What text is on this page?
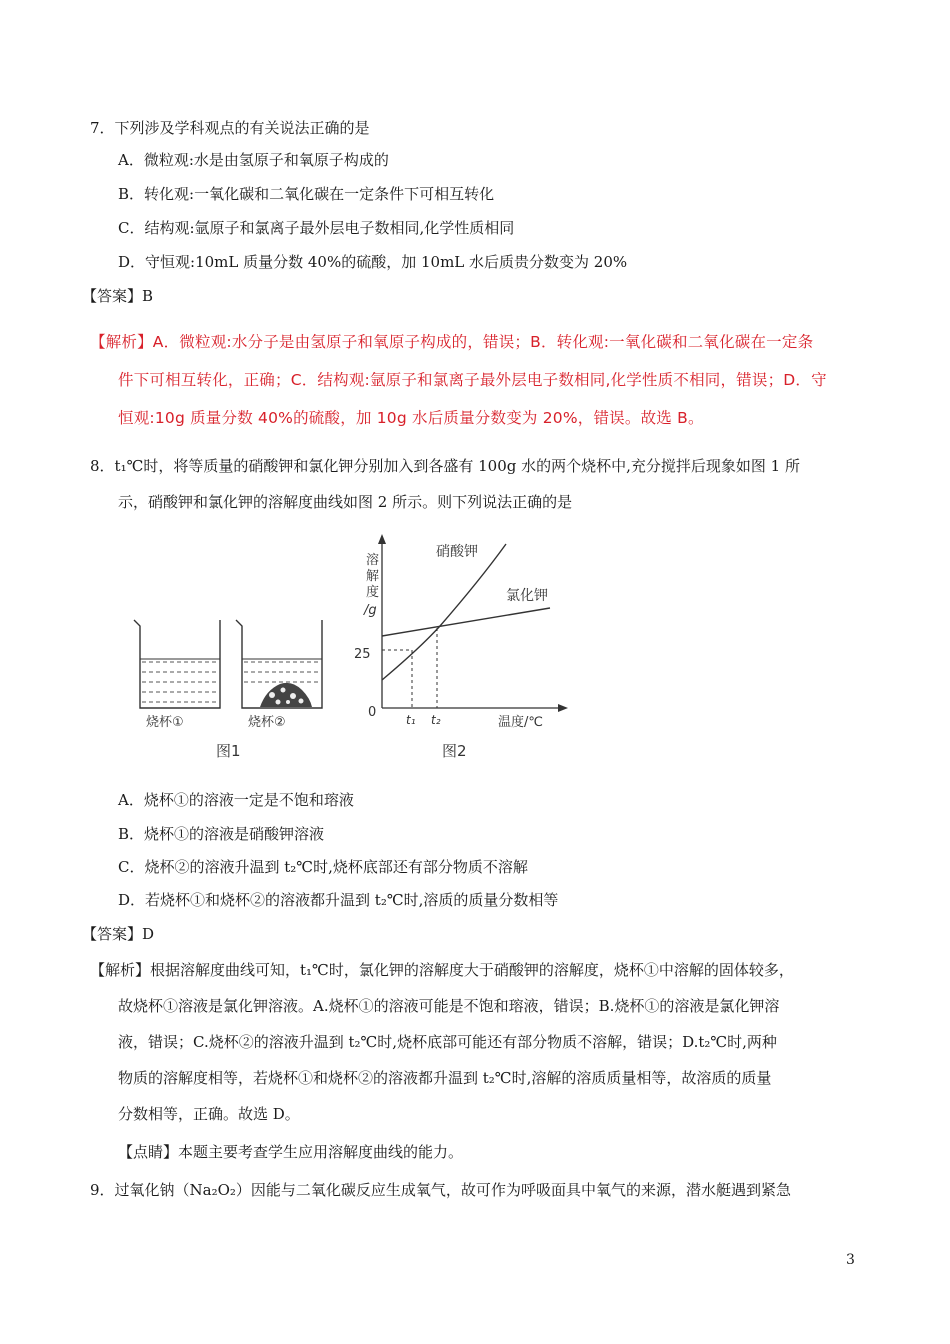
7．下列涉及学科观点的有关说法正确的是
A．微粒观:水是由氢原子和氧原子构成的
B．转化观:一氧化碳和二氧化碳在一定条件下可相互转化
C．结构观:氩原子和氯离子最外层电子数相同,化学性质相同
D．守恒观:10mL 质量分数 40%的硫酸，加 10mL 水后质贵分数变为 20%
【答案】B
【解析】A．微粒观:水分子是由氢原子和氧原子构成的，错误；B．转化观:一氧化碳和二氧化碳在一定条
件下可相互转化，正确；C．结构观:氩原子和氯离子最外层电子数相同,化学性质不相同，错误；D．守
恒观:10g 质量分数 40%的硫酸，加 10g 水后质量分数变为 20%，错误。故选 B。
8．t₁℃时，将等质量的硝酸钾和氯化钾分别加入到各盛有 100g 水的两个烧杯中,充分搅拌后现象如图 1 所
示，硝酸钾和氯化钾的溶解度曲线如图 2 所示。则下列说法正确的是
烧杯①	烧杯②
图1
溶
解
度
/g
25
0
硝酸钾
氯化钾
t₁ t₂	温度/℃
图2
A．烧杯①的溶液一定是不饱和瑢液
B．烧杯①的溶液是硝酸钾溶液
C．烧杯②的溶液升温到 t₂℃时,烧杯底部还有部分物质不溶解
D．若烧杯①和烧杯②的溶液都升温到 t₂℃时,溶质的质量分数相等
【答案】D
【解析】根据溶解度曲线可知，t₁℃时，氯化钾的溶解度大于硝酸钾的溶解度，烧杯①中溶解的固体较多，
故烧杯①溶液是氯化钾溶液。A.烧杯①的溶液可能是不饱和瑢液，错误；B.烧杯①的溶液是氯化钾溶
液，错误；C.烧杯②的溶液升温到 t₂℃时,烧杯底部可能还有部分物质不溶解，错误；D.t₂℃时,两种
物质的溶解度相等，若烧杯①和烧杯②的溶液都升温到 t₂℃时,溶解的溶质质量相等，故溶质的质量
分数相等，正确。故选 D。
【点睛】本题主要考查学生应用溶解度曲线的能力。
9．过氧化钠（Na₂O₂）因能与二氧化碳反应生成氧气，故可作为呼吸面具中氧气的来源，潜水艇遇到紧急
3
